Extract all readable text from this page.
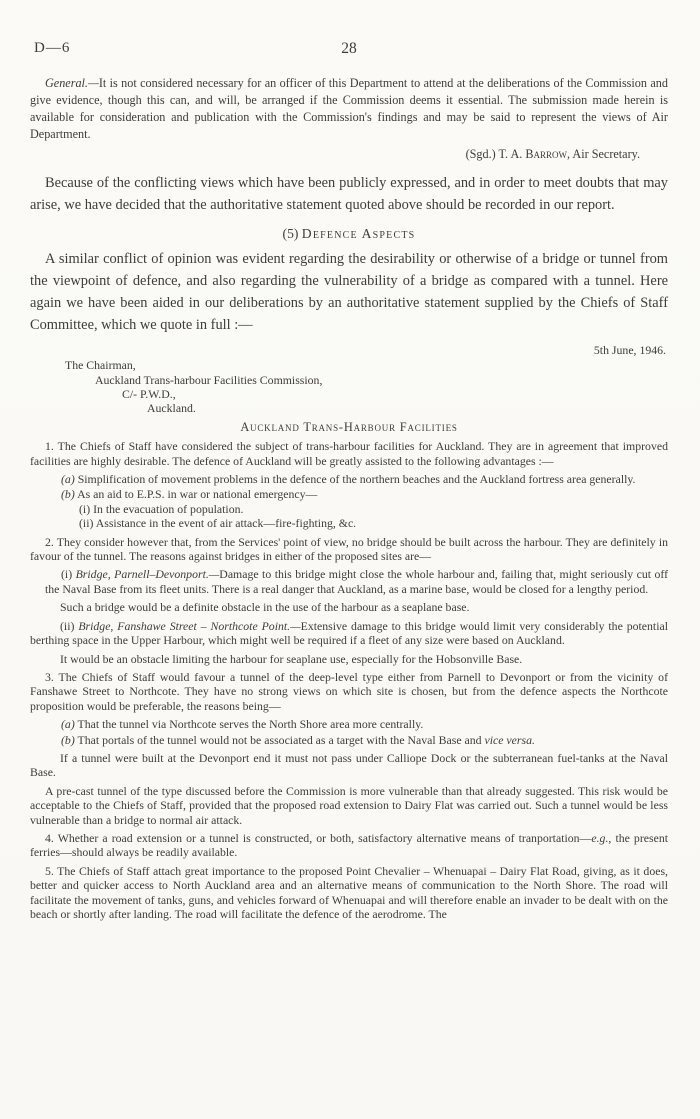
D—6	28

General.—It is not considered necessary for an officer of this Department to attend at the deliberations of the Commission and give evidence, though this can, and will, be arranged if the Commission deems it essential. The submission made herein is available for consideration and publication with the Commission's findings and may be said to represent the views of Air Department.

(Sgd.) T. A. Barrow, Air Secretary.

Because of the conflicting views which have been publicly expressed, and in order to meet doubts that may arise, we have decided that the authoritative statement quoted above should be recorded in our report.

(5) Defence Aspects

A similar conflict of opinion was evident regarding the desirability or otherwise of a bridge or tunnel from the viewpoint of defence, and also regarding the vulnerability of a bridge as compared with a tunnel. Here again we have been aided in our deliberations by an authoritative statement supplied by the Chiefs of Staff Committee, which we quote in full :—

5th June, 1946.

The Chairman,

Auckland Trans-harbour Facilities Commission,

C/- P.W.D.,

Auckland.

Auckland Trans-Harbour Facilities

1. The Chiefs of Staff have considered the subject of trans-harbour facilities for Auckland. They are in agreement that improved facilities are highly desirable. The defence of Auckland will be greatly assisted to the following advantages :—

(a) Simplification of movement problems in the defence of the northern beaches and the Auckland fortress area generally.

(b) As an aid to E.P.S. in war or national emergency—

(i) In the evacuation of population.

(ii) Assistance in the event of air attack—fire-fighting, &c.

2. They consider however that, from the Services' point of view, no bridge should be built across the harbour. They are definitely in favour of the tunnel. The reasons against bridges in either of the proposed sites are—

(i) Bridge, Parnell–Devonport.—Damage to this bridge might close the whole harbour and, failing that, might seriously cut off the Naval Base from its fleet units. There is a real danger that Auckland, as a marine base, would be closed for a lengthy period.

Such a bridge would be a definite obstacle in the use of the harbour as a seaplane base.

(ii) Bridge, Fanshawe Street – Northcote Point.—Extensive damage to this bridge would limit very considerably the potential berthing space in the Upper Harbour, which might well be required if a fleet of any size were based on Auckland.

It would be an obstacle limiting the harbour for seaplane use, especially for the Hobsonville Base.

3. The Chiefs of Staff would favour a tunnel of the deep-level type either from Parnell to Devonport or from the vicinity of Fanshawe Street to Northcote. They have no strong views on which site is chosen, but from the defence aspects the Northcote proposition would be preferable, the reasons being—

(a) That the tunnel via Northcote serves the North Shore area more centrally.

(b) That portals of the tunnel would not be associated as a target with the Naval Base and vice versa.

If a tunnel were built at the Devonport end it must not pass under Calliope Dock or the subterranean fuel-tanks at the Naval Base.

A pre-cast tunnel of the type discussed before the Commission is more vulnerable than that already suggested. This risk would be acceptable to the Chiefs of Staff, provided that the proposed road extension to Dairy Flat was carried out. Such a tunnel would be less vulnerable than a bridge to normal air attack.

4. Whether a road extension or a tunnel is constructed, or both, satisfactory alternative means of tranportation—e.g., the present ferries—should always be readily available.

5. The Chiefs of Staff attach great importance to the proposed Point Chevalier – Whenuapai – Dairy Flat Road, giving, as it does, better and quicker access to North Auckland area and an alternative means of communication to the North Shore. The road will facilitate the movement of tanks, guns, and vehicles forward of Whenuapai and will therefore enable an invader to be dealt with on the beach or shortly after landing. The road will facilitate the defence of the aerodrome. The
